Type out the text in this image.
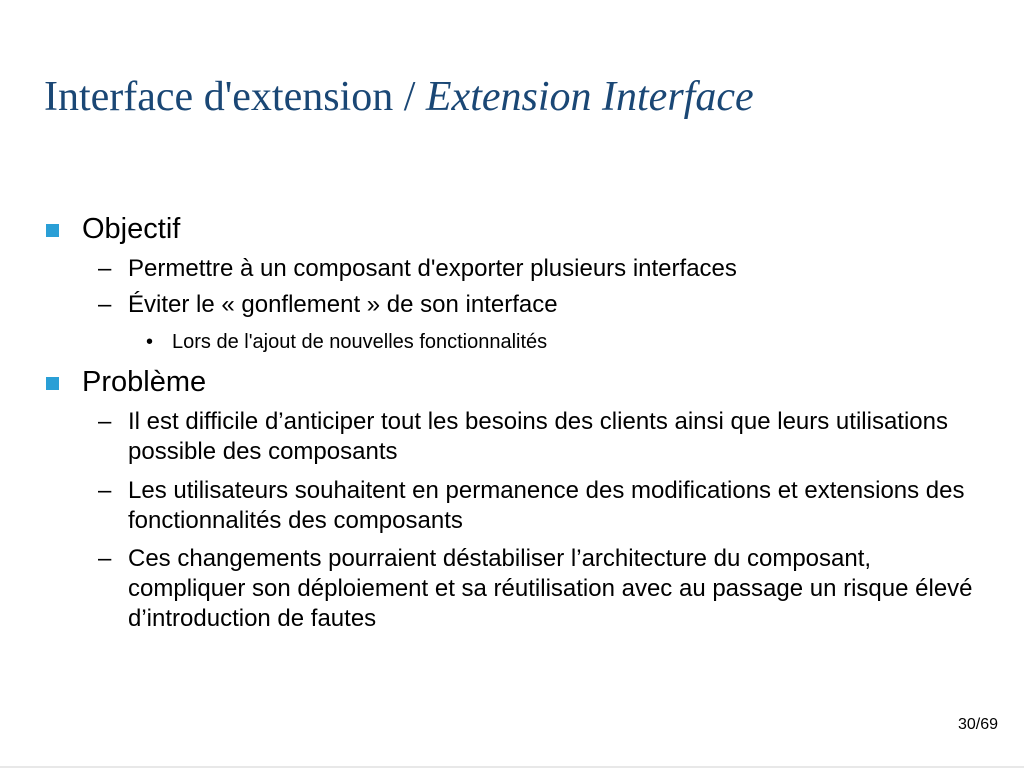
Interface d'extension / Extension Interface
Objectif
– Permettre à un composant d'exporter plusieurs interfaces
– Éviter le « gonflement » de son interface
• Lors de l'ajout de nouvelles fonctionnalités
Problème
– Il est difficile d’anticiper tout les besoins des clients ainsi que leurs utilisations possible des composants
– Les utilisateurs souhaitent en permanence des modifications et extensions des fonctionnalités des composants
– Ces changements pourraient déstabiliser l’architecture du composant, compliquer son déploiement et sa réutilisation avec au passage un risque élevé d’introduction de fautes
30/69
